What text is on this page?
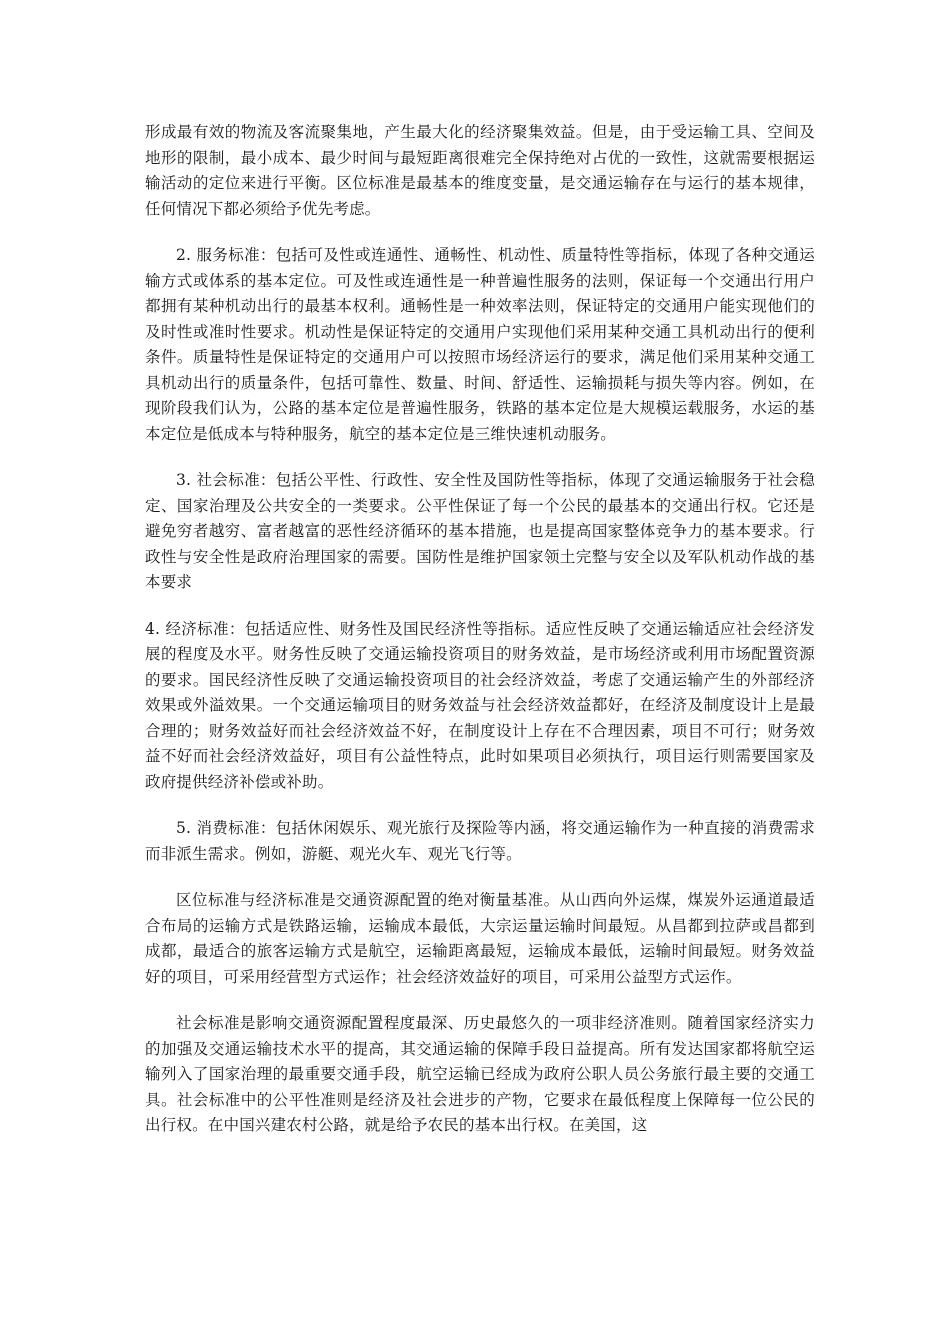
形成最有效的物流及客流聚集地，产生最大化的经济聚集效益。但是，由于受运输工具、空间及地形的限制，最小成本、最少时间与最短距离很难完全保持绝对占优的一致性，这就需要根据运输活动的定位来进行平衡。区位标准是最基本的维度变量，是交通运输存在与运行的基本规律，任何情况下都必须给予优先考虑。

2. 服务标准：包括可及性或连通性、通畅性、机动性、质量特性等指标，体现了各种交通运输方式或体系的基本定位。可及性或连通性是一种普遍性服务的法则，保证每一个交通出行用户都拥有某种机动出行的最基本权利。通畅性是一种效率法则，保证特定的交通用户能实现他们的及时性或准时性要求。机动性是保证特定的交通用户实现他们采用某种交通工具机动出行的便利条件。质量特性是保证特定的交通用户可以按照市场经济运行的要求，满足他们采用某种交通工具机动出行的质量条件，包括可靠性、数量、时间、舒适性、运输损耗与损失等内容。例如，在现阶段我们认为，公路的基本定位是普遍性服务，铁路的基本定位是大规模运载服务，水运的基本定位是低成本与特种服务，航空的基本定位是三维快速机动服务。

3. 社会标准：包括公平性、行政性、安全性及国防性等指标，体现了交通运输服务于社会稳定、国家治理及公共安全的一类要求。公平性保证了每一个公民的最基本的交通出行权。它还是避免穷者越穷、富者越富的恶性经济循环的基本措施，也是提高国家整体竞争力的基本要求。行政性与安全性是政府治理国家的需要。国防性是维护国家领土完整与安全以及军队机动作战的基本要求

4. 经济标准：包括适应性、财务性及国民经济性等指标。适应性反映了交通运输适应社会经济发展的程度及水平。财务性反映了交通运输投资项目的财务效益，是市场经济或利用市场配置资源的要求。国民经济性反映了交通运输投资项目的社会经济效益，考虑了交通运输产生的外部经济效果或外溢效果。一个交通运输项目的财务效益与社会经济效益都好，在经济及制度设计上是最合理的；财务效益好而社会经济效益不好，在制度设计上存在不合理因素，项目不可行；财务效益不好而社会经济效益好，项目有公益性特点，此时如果项目必须执行，项目运行则需要国家及政府提供经济补偿或补助。

5. 消费标准：包括休闲娱乐、观光旅行及探险等内涵，将交通运输作为一种直接的消费需求而非派生需求。例如，游艇、观光火车、观光飞行等。

区位标准与经济标准是交通资源配置的绝对衡量基准。从山西向外运煤，煤炭外运通道最适合布局的运输方式是铁路运输，运输成本最低，大宗运量运输时间最短。从昌都到拉萨或昌都到成都，最适合的旅客运输方式是航空，运输距离最短，运输成本最低，运输时间最短。财务效益好的项目，可采用经营型方式运作；社会经济效益好的项目，可采用公益型方式运作。

社会标准是影响交通资源配置程度最深、历史最悠久的一项非经济准则。随着国家经济实力的加强及交通运输技术水平的提高，其交通运输的保障手段日益提高。所有发达国家都将航空运输列入了国家治理的最重要交通手段，航空运输已经成为政府公职人员公务旅行最主要的交通工具。社会标准中的公平性准则是经济及社会进步的产物，它要求在最低程度上保障每一位公民的出行权。在中国兴建农村公路，就是给予农民的基本出行权。在美国，这
